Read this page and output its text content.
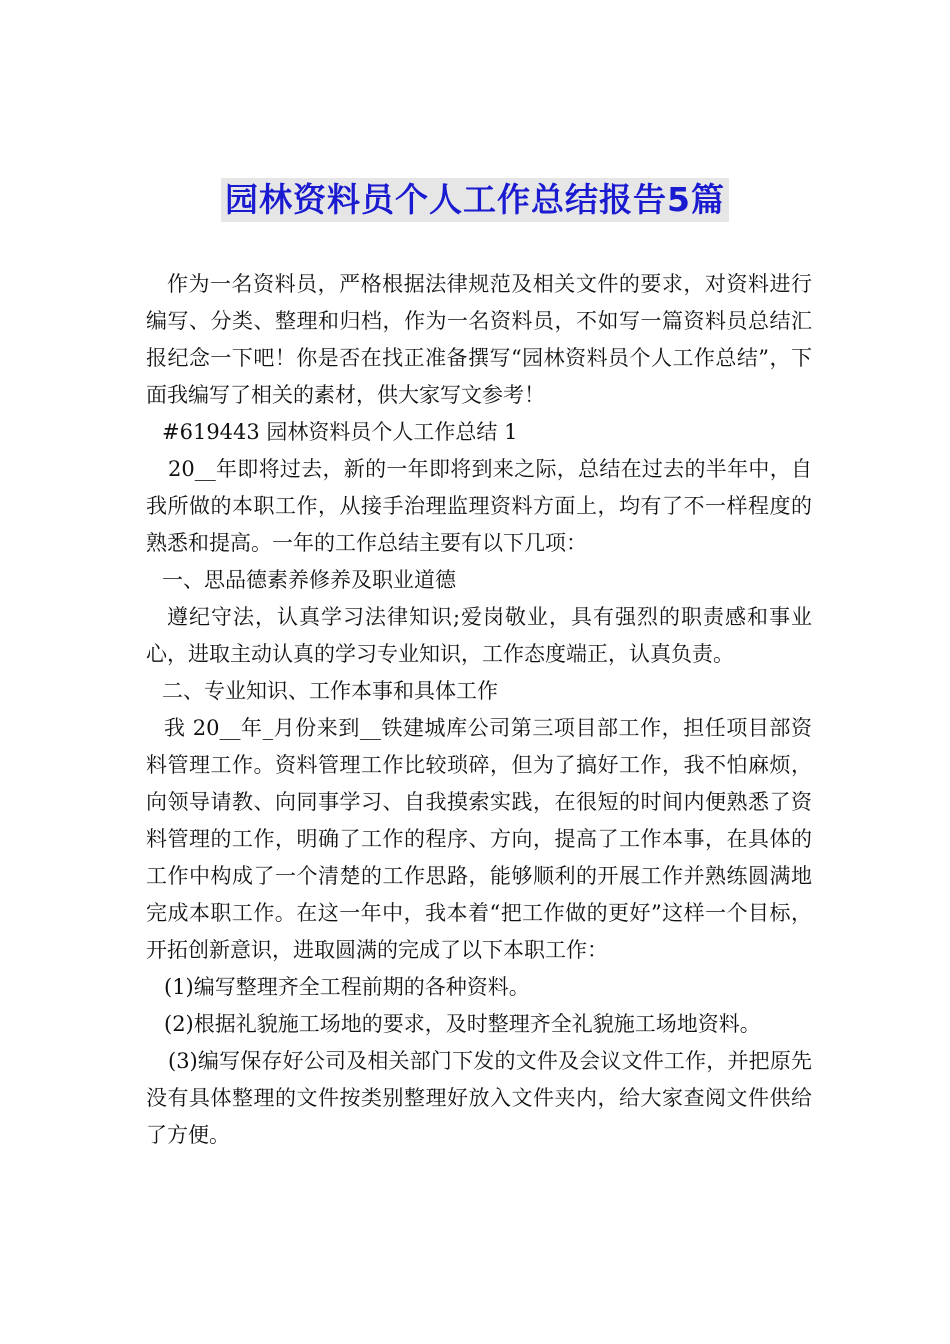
园林资料员个人工作总结报告5篇

作为一名资料员，严格根据法律规范及相关文件的要求，对资料进行编写、分类、整理和归档，作为一名资料员，不如写一篇资料员总结汇报纪念一下吧！你是否在找正准备撰写“园林资料员个人工作总结”，下面我编写了相关的素材，供大家写文参考！

#619443 园林资料员个人工作总结 1

20__年即将过去，新的一年即将到来之际，总结在过去的半年中，自我所做的本职工作，从接手治理监理资料方面上，均有了不一样程度的熟悉和提高。一年的工作总结主要有以下几项：

一、思品德素养修养及职业道德

遵纪守法，认真学习法律知识;爱岗敬业，具有强烈的职责感和事业心，进取主动认真的学习专业知识，工作态度端正，认真负责。

二、专业知识、工作本事和具体工作

我 20__年_月份来到__铁建城库公司第三项目部工作，担任项目部资料管理工作。资料管理工作比较琐碎，但为了搞好工作，我不怕麻烦，向领导请教、向同事学习、自我摸索实践，在很短的时间内便熟悉了资料管理的工作，明确了工作的程序、方向，提高了工作本事，在具体的工作中构成了一个清楚的工作思路，能够顺利的开展工作并熟练圆满地完成本职工作。在这一年中，我本着“把工作做的更好”这样一个目标，开拓创新意识，进取圆满的完成了以下本职工作：

(1)编写整理齐全工程前期的各种资料。

(2)根据礼貌施工场地的要求，及时整理齐全礼貌施工场地资料。

(3)编写保存好公司及相关部门下发的文件及会议文件工作，并把原先没有具体整理的文件按类别整理好放入文件夹内，给大家查阅文件供给了方便。
